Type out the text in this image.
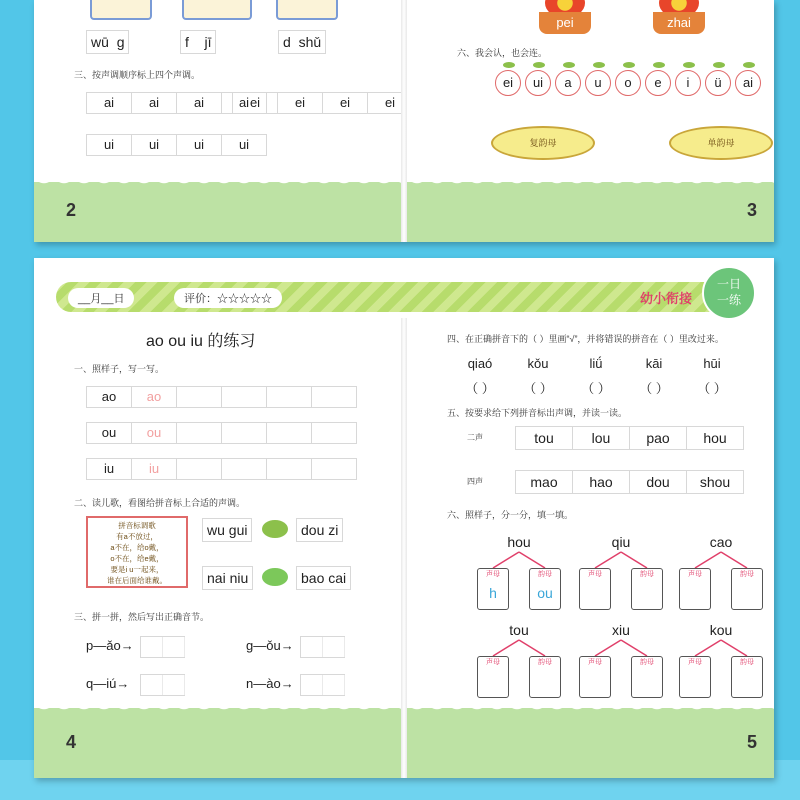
wū g	f jī	d shǔ
三、按声调顺序标上四个声调。
ai	ai	ai	ai ei	ei	ei	ei
ui	ui	ui	ui
2
pei	zhai
六、我会认，也会连。
ei	ui	a	u	o	e	i	ü	ai
复韵母	单韵母
3
__月__日	评价：☆☆☆☆☆	幼小衔接
一日
一练
ao ou iu 的练习
一、照样子，写一写。
ao	ao
ou	ou
iu	iu
二、读儿歌，看图给拼音标上合适的声调。
拼音标调歌
有a不放过，
a不在，给o戴，
o不在，给e戴，
要是i u一起来，
谁在后面给谁戴。
wu gui	dou zi
nai niu	bao cai
三、拼一拼，然后写出正确音节。
p—ǎo→	g—ǒu→
q—iú→	n—ào→
4
四、在正确拼音下的（ ）里画“√”，并将错误的拼音在（ ）里改过来。
qiaó	kǒu	liǘ	kāi	hūi
（ ）	（ ）	（ ）	（ ）	（ ）
五、按要求给下列拼音标出声调，并读一读。
二声	tou	lou	pao	hou
四声	mao	hao	dou	shou
六、照样子，分一分，填一填。
hou
声母
h
韵母
ou
qiu
声母	韵母
cao
声母	韵母
tou
声母	韵母
xiu
声母	韵母
kou
声母	韵母
5
